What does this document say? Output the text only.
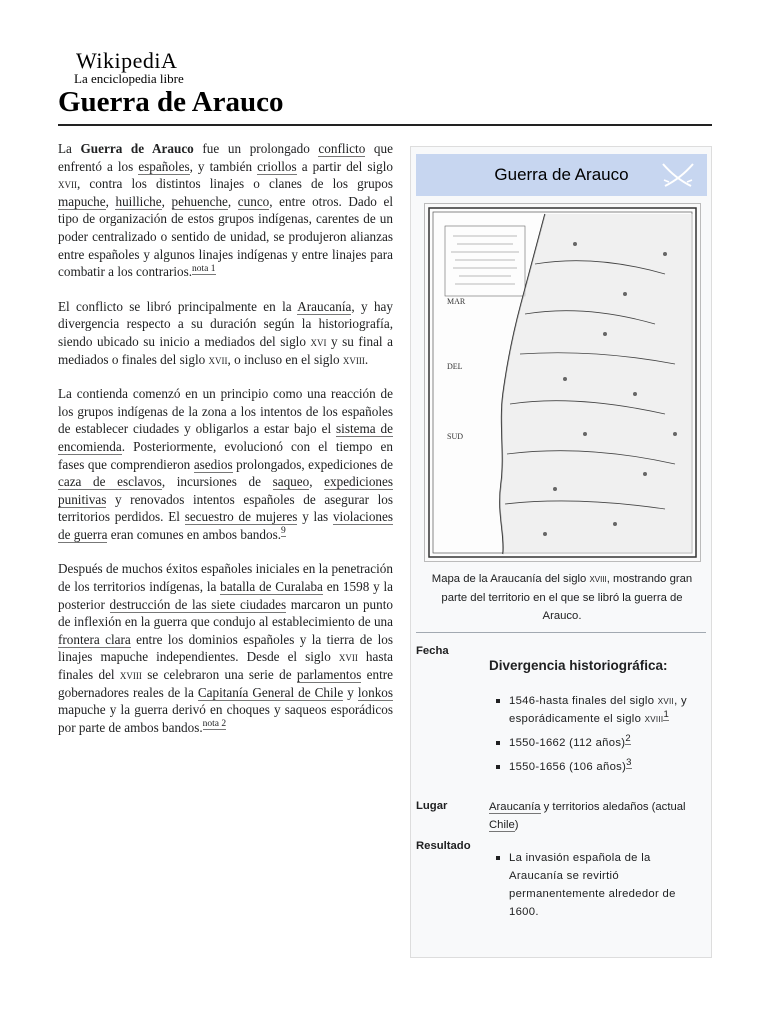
WikipediA
La enciclopedia libre
Guerra de Arauco

La Guerra de Arauco fue un prolongado conflicto que enfrentó a los españoles, y también criollos a partir del siglo xvii, contra los distintos linajes o clanes de los grupos mapuche, huilliche, pehuenche, cunco, entre otros. Dado el tipo de organización de estos grupos indígenas, carentes de un poder centralizado o sentido de unidad, se produjeron alianzas entre españoles y algunos linajes indígenas y entre linajes para combatir a los contrarios.$^{nota 1}$

El conflicto se libró principalmente en la Araucanía, y hay divergencia respecto a su duración según la historiografía, siendo ubicado su inicio a mediados del siglo xvi y su final a mediados o finales del siglo xvii, o incluso en el siglo xviii.

La contienda comenzó en un principio como una reacción de los grupos indígenas de la zona a los intentos de los españoles de establecer ciudades y obligarlos a estar bajo el sistema de encomienda. Posteriormente, evolucionó con el tiempo en fases que comprendieron asedios prolongados, expediciones de caza de esclavos, incursiones de saqueo, expediciones punitivas y renovados intentos españoles de asegurar los territorios perdidos. El secuestro de mujeres y las violaciones de guerra eran comunes en ambos bandos.$^9$

Después de muchos éxitos españoles iniciales en la penetración de los territorios indígenas, la batalla de Curalaba en 1598 y la posterior destrucción de las siete ciudades marcaron un punto de inflexión en la guerra que condujo al establecimiento de una frontera clara entre los dominios españoles y la tierra de los linajes mapuche independientes. Desde el siglo xvii hasta finales del xviii se celebraron una serie de parlamentos entre gobernadores reales de la Capitanía General de Chile y lonkos mapuche y la guerra derivó en choques y saqueos esporádicos por parte de ambos bandos.$^{nota 2}$

Guerra de Arauco
MAR
DEL
SUD
Mapa de la Araucanía del siglo xviii, mostrando gran parte del territorio en el que se libró la guerra de Arauco.
Fecha
Divergencia historiográfica:
1546-hasta finales del siglo xvii, y esporádicamente el siglo xviii$^1$
1550-1662 (112 años)$^2$
1550-1656 (106 años)$^3$
Lugar	Araucanía y territorios aledaños (actual Chile)
Resultado
La invasión española de la Araucanía se revirtió permanentemente alrededor de 1600.
